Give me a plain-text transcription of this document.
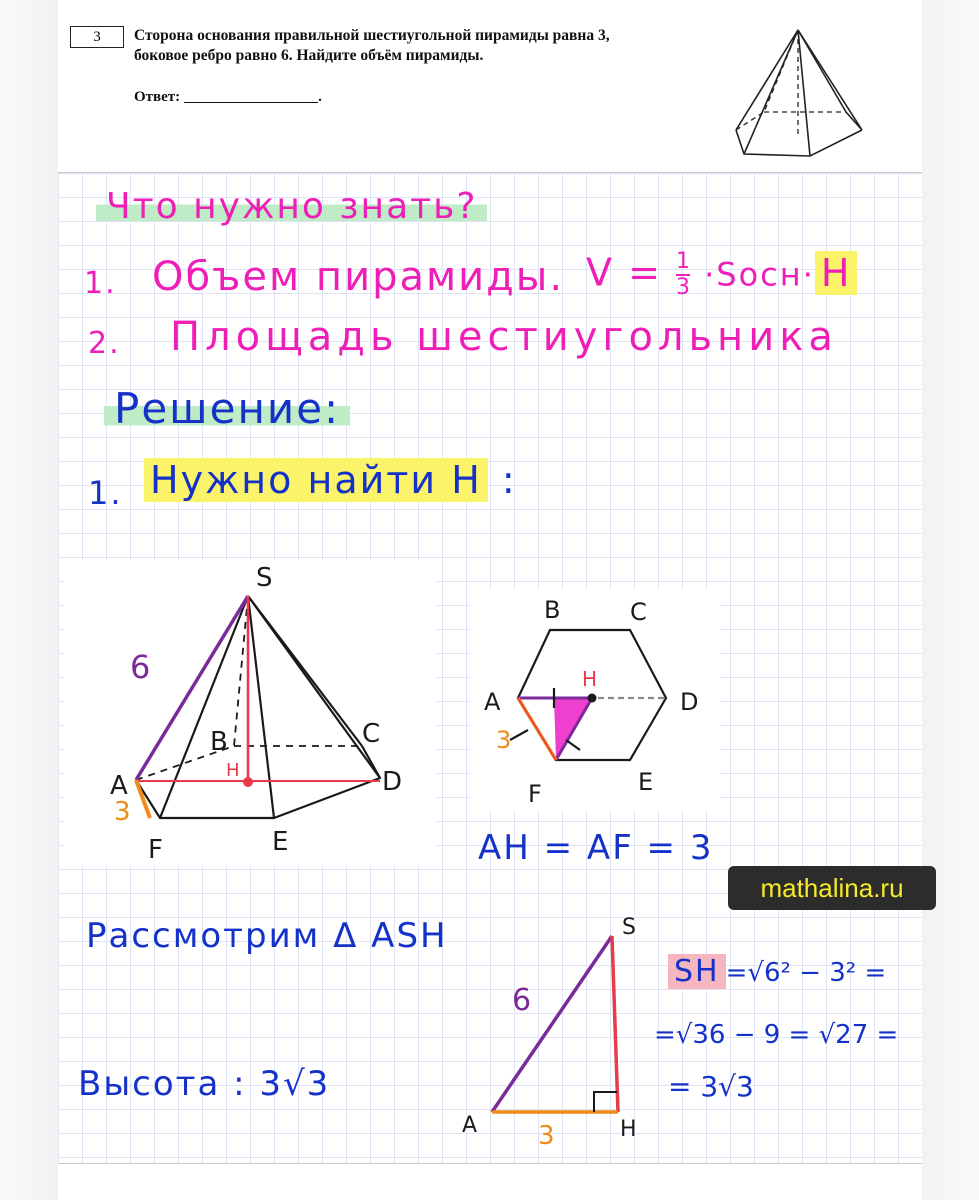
3	Сторона основания правильной шестиугольной пирамиды равна 3,
боковое ребро равно 6. Найдите объём пирамиды.
Ответ:	.
Что нужно знать?
1. Объем пирамиды. $V = \frac{1}{3}$ ·Sосн· H
2. Площадь шестиугольника
Решение:
1. Нужно найти H :
S
A
B	C
D
E
F
H
6
3
B	C
A	D
E
F
H
3
AH = AF = 3
mathalina.ru
Рассмотрим Δ ASH	S
A	H
6
3
Высота : 3√3
SH =√6² − 3² =
=√36 − 9 = √27 =
= 3√3
